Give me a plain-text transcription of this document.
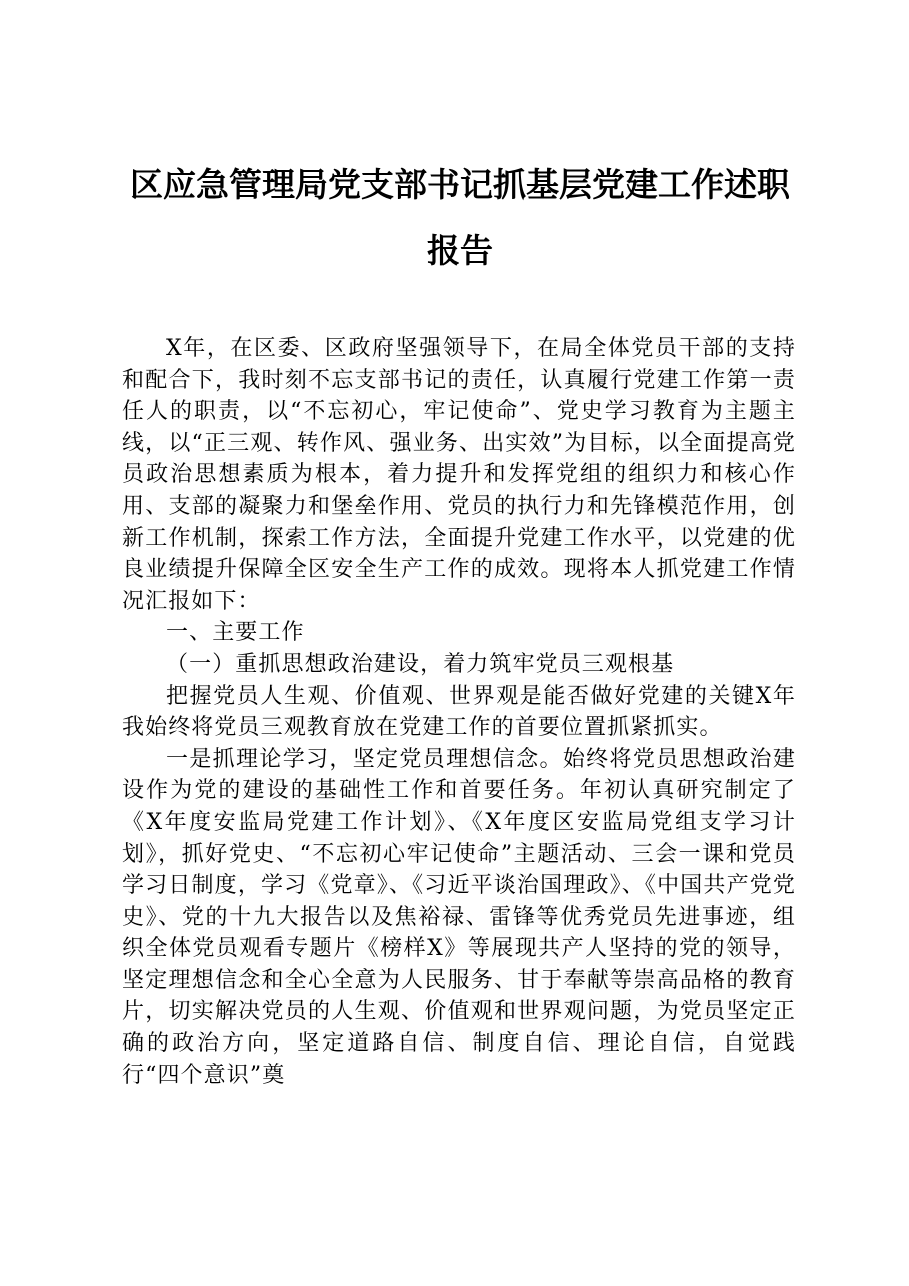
区应急管理局党支部书记抓基层党建工作述职
报告

X年，在区委、区政府坚强领导下，在局全体党员干部的支持和配合下，我时刻不忘支部书记的责任，认真履行党建工作第一责任人的职责，以“不忘初心，牢记使命”、党史学习教育为主题主线，以“正三观、转作风、强业务、出实效”为目标，以全面提高党员政治思想素质为根本，着力提升和发挥党组的组织力和核心作用、支部的凝聚力和堡垒作用、党员的执行力和先锋模范作用，创新工作机制，探索工作方法，全面提升党建工作水平，以党建的优良业绩提升保障全区安全生产工作的成效。现将本人抓党建工作情况汇报如下：

一、主要工作

（一）重抓思想政治建设，着力筑牢党员三观根基

把握党员人生观、价值观、世界观是能否做好党建的关键X年我始终将党员三观教育放在党建工作的首要位置抓紧抓实。

一是抓理论学习，坚定党员理想信念。始终将党员思想政治建设作为党的建设的基础性工作和首要任务。年初认真研究制定了《X年度安监局党建工作计划》、《X年度区安监局党组支学习计划》，抓好党史、“不忘初心牢记使命”主题活动、三会一课和党员学习日制度，学习《党章》、《习近平谈治国理政》、《中国共产党党史》、党的十九大报告以及焦裕禄、雷锋等优秀党员先进事迹，组织全体党员观看专题片《榜样X》等展现共产人坚持的党的领导，坚定理想信念和全心全意为人民服务、甘于奉献等崇高品格的教育片，切实解决党员的人生观、价值观和世界观问题，为党员坚定正确的政治方向，坚定道路自信、制度自信、理论自信，自觉践行“四个意识”奠
